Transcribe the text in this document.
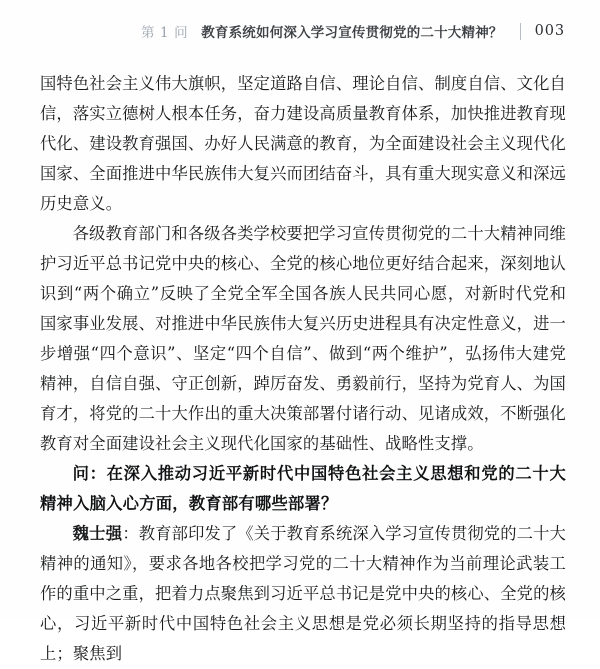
第 1 问 教育系统如何深入学习宣传贯彻党的二十大精神？ 003

国特色社会主义伟大旗帜，坚定道路自信、理论自信、制度自信、文化自信，落实立德树人根本任务，奋力建设高质量教育体系，加快推进教育现代化、建设教育强国、办好人民满意的教育，为全面建设社会主义现代化国家、全面推进中华民族伟大复兴而团结奋斗，具有重大现实意义和深远历史意义。

各级教育部门和各级各类学校要把学习宣传贯彻党的二十大精神同维护习近平总书记党中央的核心、全党的核心地位更好结合起来，深刻地认识到“两个确立”反映了全党全军全国各族人民共同心愿，对新时代党和国家事业发展、对推进中华民族伟大复兴历史进程具有决定性意义，进一步增强“四个意识”、坚定“四个自信”、做到“两个维护”，弘扬伟大建党精神，自信自强、守正创新，踔厉奋发、勇毅前行，坚持为党育人、为国育才，将党的二十大作出的重大决策部署付诸行动、见诸成效，不断强化教育对全面建设社会主义现代化国家的基础性、战略性支撑。

问：在深入推动习近平新时代中国特色社会主义思想和党的二十大精神入脑入心方面，教育部有哪些部署？

魏士强：教育部印发了《关于教育系统深入学习宣传贯彻党的二十大精神的通知》，要求各地各校把学习党的二十大精神作为当前理论武装工作的重中之重，把着力点聚焦到习近平总书记是党中央的核心、全党的核心，习近平新时代中国特色社会主义思想是党必须长期坚持的指导思想上；聚焦到
